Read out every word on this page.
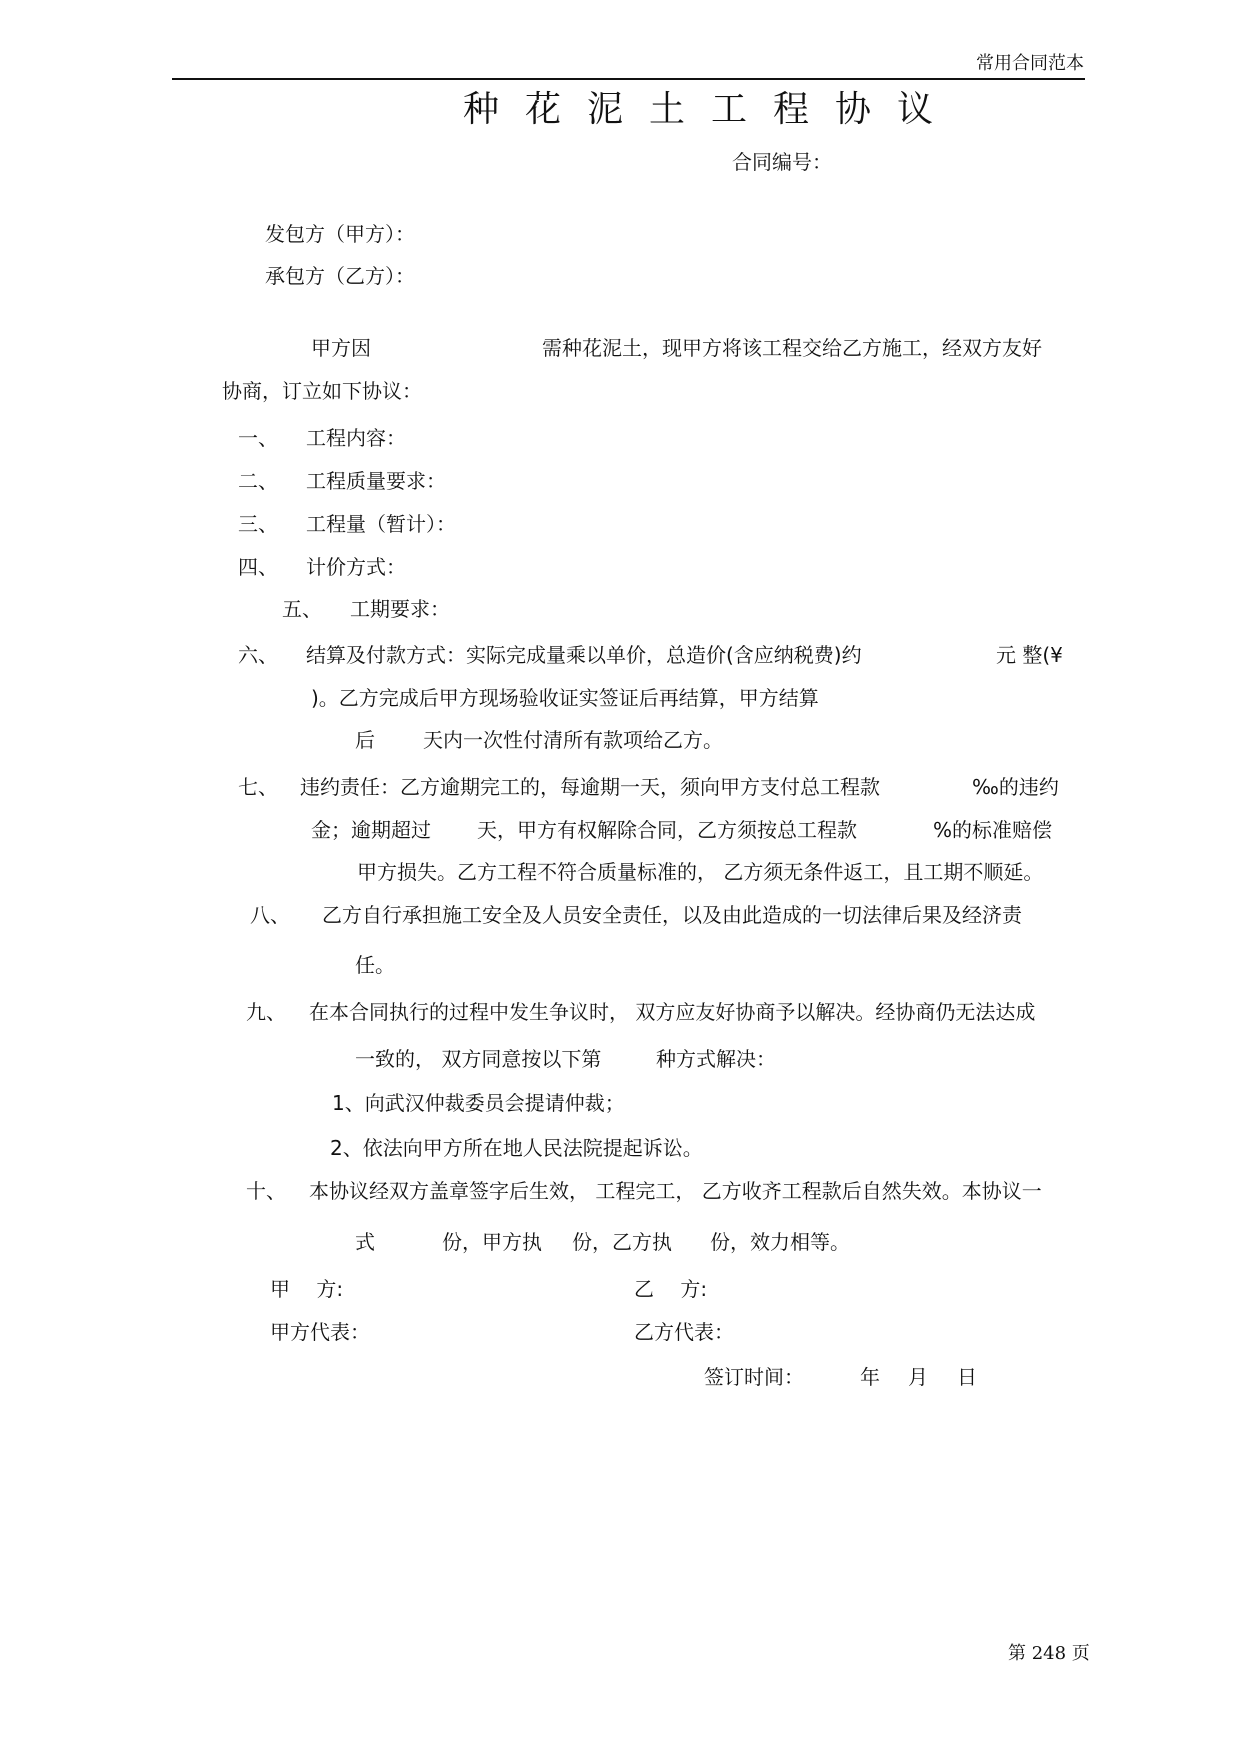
常用合同范本
种花泥土工程协议
合同编号：
发包方（甲方）：
承包方（乙方）：
甲方因	需种花泥土，现甲方将该工程交给乙方施工，经双方友好
协商，订立如下协议：
一、 工程内容：
二、 工程质量要求：
三、 工程量（暂计）：
四、 计价方式：
五、 工期要求：
六、 结算及付款方式：实际完成量乘以单价，总造价(含应纳税费)约	元 整(¥
)。乙方完成后甲方现场验收证实签证后再结算，甲方结算
后 天内一次性付清所有款项给乙方。
七、 违约责任：乙方逾期完工的，每逾期一天，须向甲方支付总工程款	‰的违约
金；逾期超过 天，甲方有权解除合同，乙方须按总工程款	%的标准赔偿
甲方损失。乙方工程不符合质量标准的， 乙方须无条件返工，且工期不顺延。
八、 乙方自行承担施工安全及人员安全责任，以及由此造成的一切法律后果及经济责
任。
九、 在本合同执行的过程中发生争议时， 双方应友好协商予以解决。经协商仍无法达成
一致的， 双方同意按以下第	种方式解决：
1、向武汉仲裁委员会提请仲裁；
2、依法向甲方所在地人民法院提起诉讼。
十、 本协议经双方盖章签字后生效， 工程完工， 乙方收齐工程款后自然失效。本协议一
式	份，甲方执 份，乙方执 份，效力相等。
甲　 方:	乙　 方:
甲方代表：	乙方代表：
签订时间：	年 月 日
第 248 页
